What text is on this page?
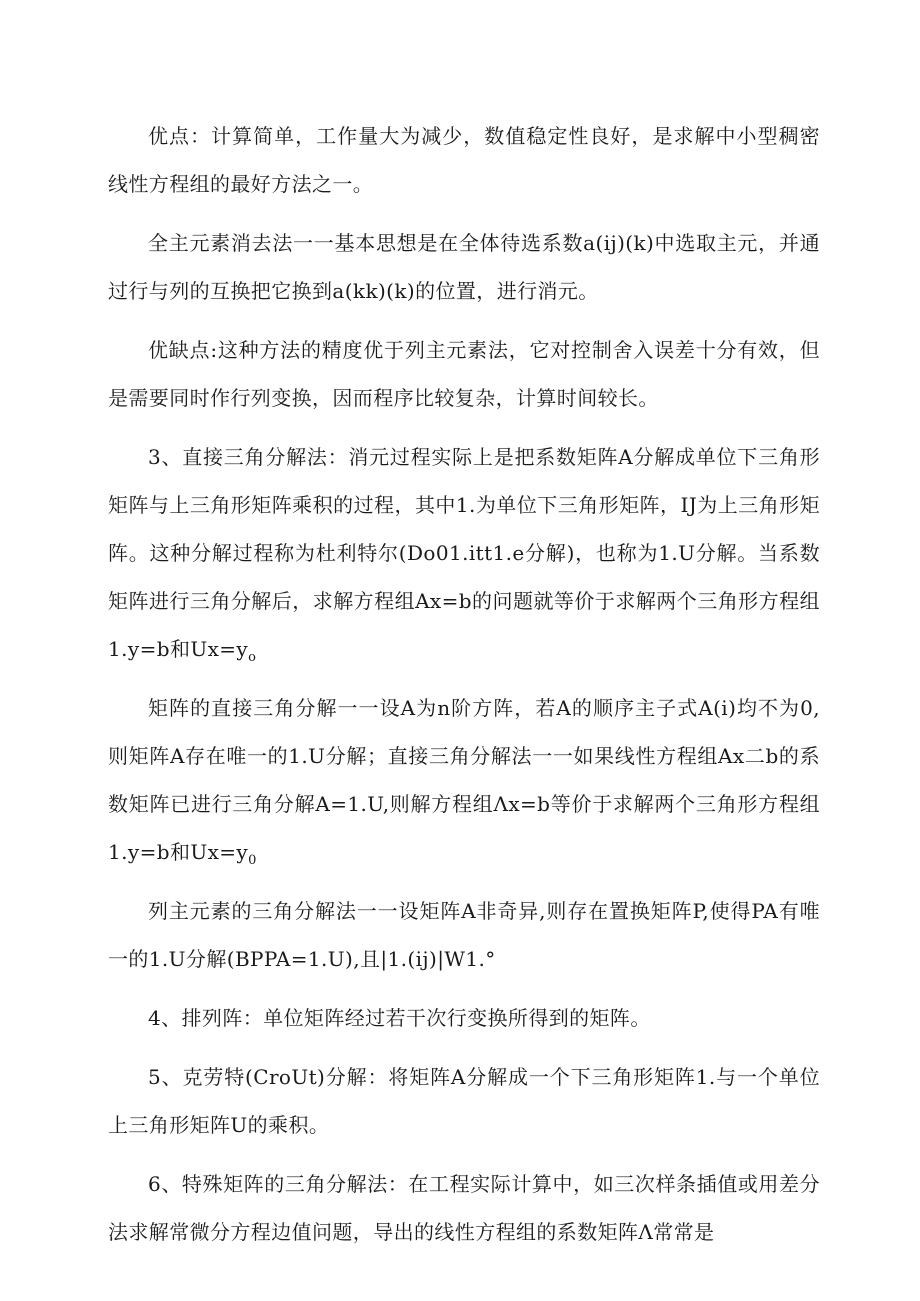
优点：计算简单，工作量大为减少，数值稳定性良好，是求解中小型稠密线性方程组的最好方法之一。

全主元素消去法一一基本思想是在全体待选系数a(ij)(k)中选取主元，并通过行与列的互换把它换到a(kk)(k)的位置，进行消元。

优缺点:这种方法的精度优于列主元素法，它对控制舍入误差十分有效，但是需要同时作行列变换，因而程序比较复杂，计算时间较长。

3、直接三角分解法：消元过程实际上是把系数矩阵A分解成单位下三角形矩阵与上三角形矩阵乘积的过程，其中1.为单位下三角形矩阵，IJ为上三角形矩阵。这种分解过程称为杜利特尔(Do01.itt1.e分解)，也称为1.U分解。当系数矩阵进行三角分解后，求解方程组Ax=b的问题就等价于求解两个三角形方程组1.y=b和$Ux=y_o$

矩阵的直接三角分解一一设A为n阶方阵，若A的顺序主子式A(i)均不为0,则矩阵A存在唯一的1.U分解；直接三角分解法一一如果线性方程组Ax二b的系数矩阵已进行三角分解A=1.U,则解方程组Λx=b等价于求解两个三角形方程组1.y=b和$Ux=y_0$

列主元素的三角分解法一一设矩阵A非奇异,则存在置换矩阵P,使得PA有唯一的1.U分解(BPPA=1.U),且|1.(ij)|W1.°

4、排列阵：单位矩阵经过若干次行变换所得到的矩阵。

5、克劳特(CroUt)分解：将矩阵A分解成一个下三角形矩阵1.与一个单位上三角形矩阵U的乘积。

6、特殊矩阵的三角分解法：在工程实际计算中，如三次样条插值或用差分法求解常微分方程边值问题，导出的线性方程组的系数矩阵Λ常常是
